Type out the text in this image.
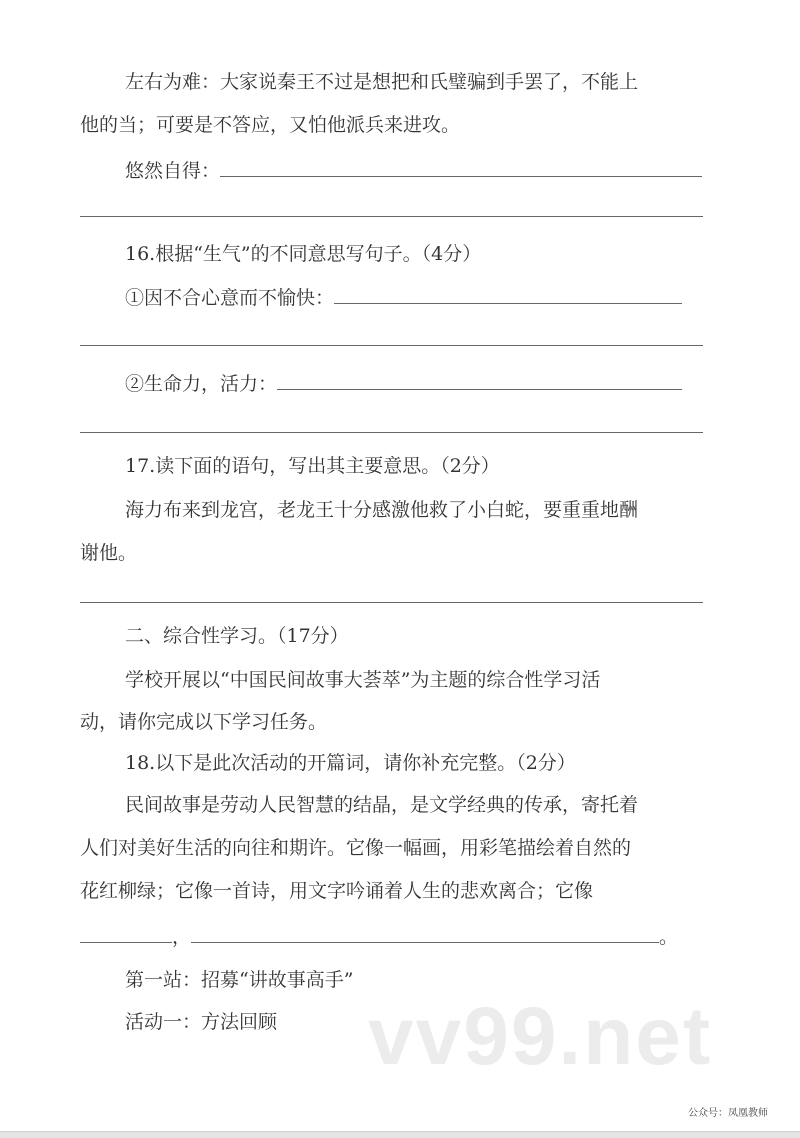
左右为难：大家说秦王不过是想把和氏璧骗到手罢了，不能上
他的当；可要是不答应，又怕他派兵来进攻。
悠然自得：
16.根据“生气”的不同意思写句子。（4分）
①因不合心意而不愉快：
②生命力，活力：
17.读下面的语句，写出其主要意思。（2分）
海力布来到龙宫，老龙王十分感激他救了小白蛇，要重重地酬
谢他。
二、综合性学习。（17分）
学校开展以“中国民间故事大荟萃”为主题的综合性学习活
动，请你完成以下学习任务。
18.以下是此次活动的开篇词，请你补充完整。（2分）
民间故事是劳动人民智慧的结晶，是文学经典的传承，寄托着
人们对美好生活的向往和期许。它像一幅画，用彩笔描绘着自然的
花红柳绿；它像一首诗，用文字吟诵着人生的悲欢离合；它像
，	。
第一站：招募“讲故事高手”
活动一：方法回顾 vv99.net
公众号：凤凰教师
